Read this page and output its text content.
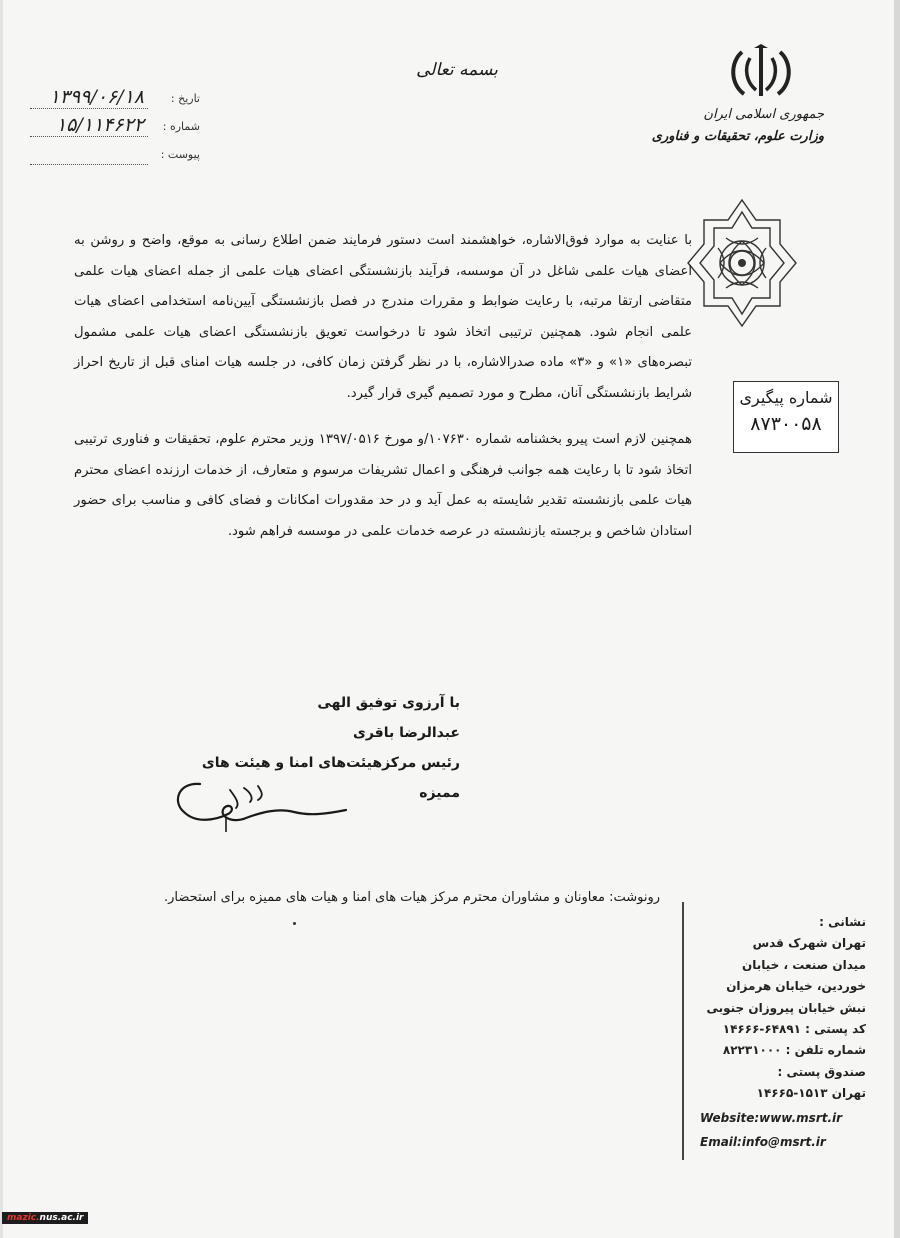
جمهوری اسلامی ایران
وزارت علوم، تحقیقات و فناوری
بسمه تعالی
تاریخ :
۱۳۹۹/۰۶/۱۸
شماره :
۱۵/۱۱۴۶۲۲
پیوست :
شماره پیگیری
۸۷۳۰۰۵۸

با عنایت به موارد فوق‌الاشاره، خواهشمند است دستور فرمایند ضمن اطلاع رسانی به موقع، واضح و روشن به اعضای هیات علمی شاغل در آن موسسه، فرآیند بازنشستگی اعضای هیات علمی از جمله اعضای هیات علمی متقاضی ارتقا مرتبه، با رعایت ضوابط و مقررات مندرج در فصل بازنشستگی آیین‌نامه استخدامی اعضای هیات علمی انجام شود. همچنین ترتیبی اتخاذ شود تا درخواست تعویق بازنشستگی اعضای هیات علمی مشمول تبصره‌های «۱» و «۳» ماده صدرالاشاره، با در نظر گرفتن زمان کافی، در جلسه هیات امنای قبل از تاریخ احراز شرایط بازنشستگی آنان، مطرح و مورد تصمیم گیری قرار گیرد.

همچنین لازم است پیرو بخشنامه شماره ۱۰۷۶۳۰/و مورخ ۱۳۹۷/۰۵۱۶ وزیر محترم علوم، تحقیقات و فناوری ترتیبی اتخاذ شود تا با رعایت همه جوانب فرهنگی و اعمال تشریفات مرسوم و متعارف، از خدمات ارزنده اعضای محترم هیات علمی بازنشسته تقدیر شایسته به عمل آید و در حد مقدورات امکانات و فضای کافی و مناسب برای حضور استادان شاخص و برجسته بازنشسته در عرصه خدمات علمی در موسسه فراهم شود.

با آرزوی توفیق الهی
عبدالرضا باقری
رئیس مرکزهیئت‌های امنا و هیئت های ممیزه
رونوشت: معاونان و مشاوران محترم مرکز هیات های امنا و هیات های ممیزه برای استحضار.
نشانی :
تهران شهرک قدس
میدان صنعت ، خیابان
خوردین، خیابان هرمزان
نبش خیابان پیروزان جنوبی
کد پستی : ۶۴۸۹۱-۱۴۶۶۶
شماره تلفن : ۸۲۲۳۱۰۰۰
صندوق پستی :
تهران ۱۵۱۳-۱۴۶۶۵
Website:www.msrt.ir
Email:info@msrt.ir
mazic.nus.ac.ir
